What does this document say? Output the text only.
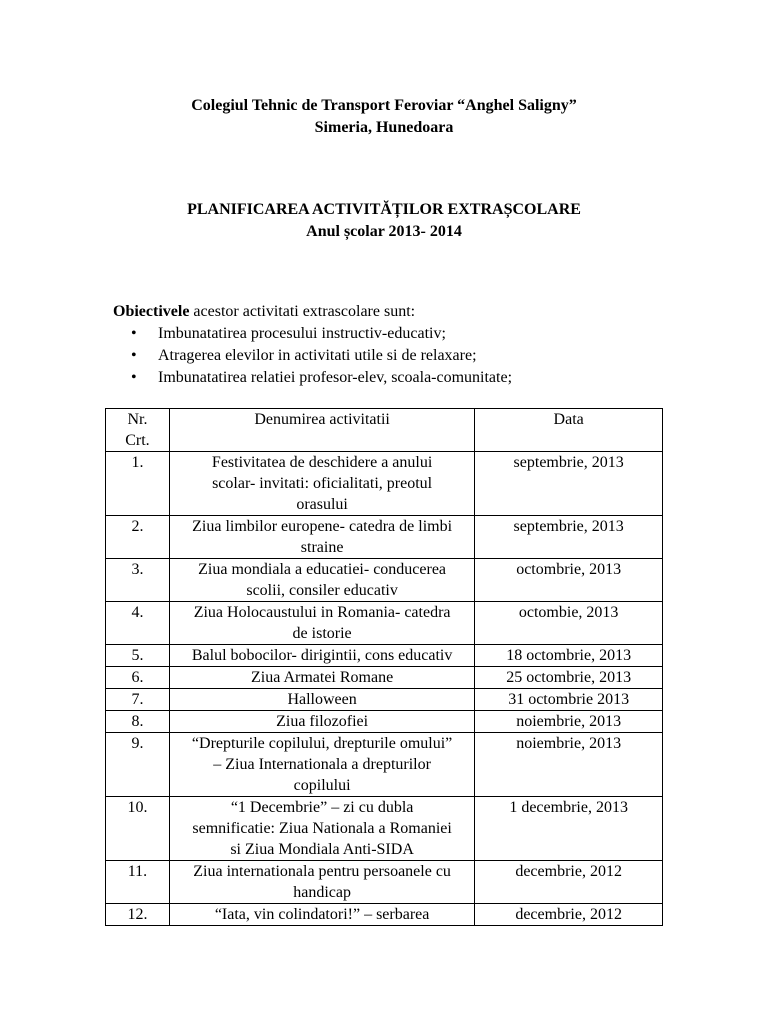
Colegiul Tehnic de Transport Feroviar “Anghel Saligny”
Simeria, Hunedoara
PLANIFICAREA ACTIVITĂȚILOR EXTRAȘCOLARE
Anul școlar 2013- 2014
Obiectivele acestor activitati extrascolare sunt:
• Imbunatatirea procesului instructiv-educativ;
• Atragerea elevilor in activitati utile si de relaxare;
• Imbunatatirea relatiei profesor-elev, scoala-comunitate;
Nr.
Crt.	Denumirea activitatii	Data
1.	Festivitatea de deschidere a anului
scolar- invitati: oficialitati, preotul
orasului	septembrie, 2013
2.	Ziua limbilor europene- catedra de limbi
straine	septembrie, 2013
3.	Ziua mondiala a educatiei- conducerea
scolii, consiler educativ	octombrie, 2013
4.	Ziua Holocaustului in Romania- catedra
de istorie	octombie, 2013
5.	Balul bobocilor- dirigintii, cons educativ	18 octombrie, 2013
6.	Ziua Armatei Romane	25 octombrie, 2013
7.	Halloween	31 octombrie 2013
8.	Ziua filozofiei	noiembrie, 2013
9.	“Drepturile copilului, drepturile omului”
– Ziua Internationala a drepturilor
copilului	noiembrie, 2013
10.	“1 Decembrie” – zi cu dubla
semnificatie: Ziua Nationala a Romaniei
si Ziua Mondiala Anti-SIDA	1 decembrie, 2013
11.	Ziua internationala pentru persoanele cu
handicap	decembrie, 2012
12.	“Iata, vin colindatori!” – serbarea	decembrie, 2012
